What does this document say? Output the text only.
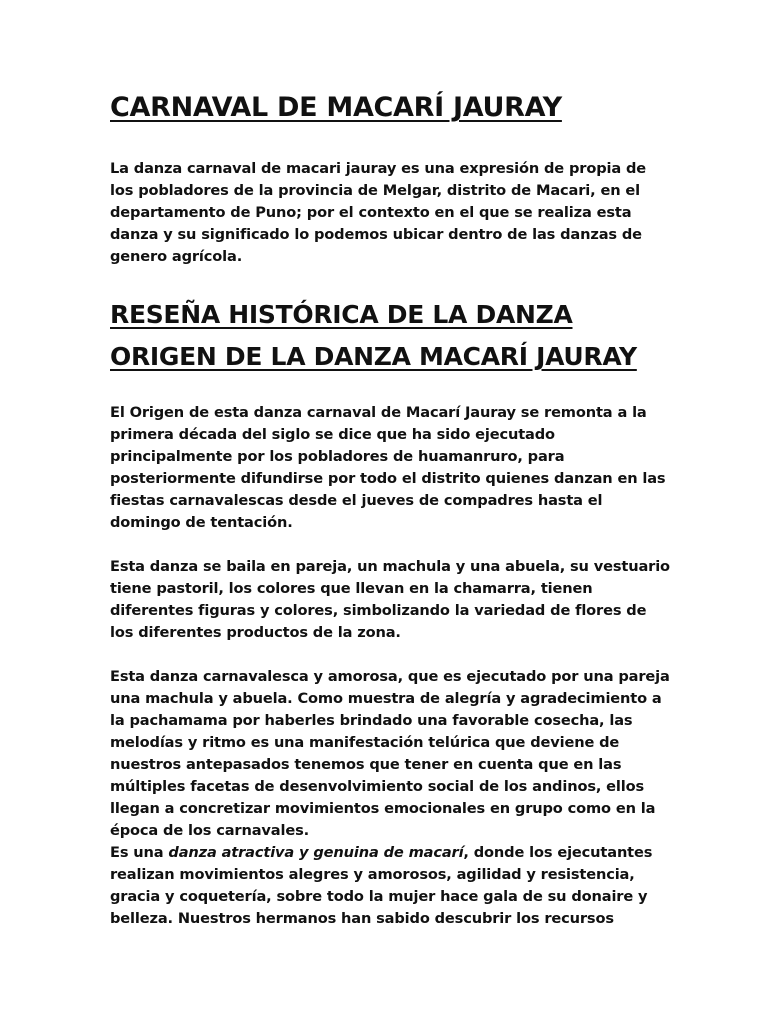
CARNAVAL DE MACARÍ JAURAY

La danza carnaval de macari jauray es una expresión de propia de los pobladores de la provincia de Melgar, distrito de Macari, en el departamento de Puno; por el contexto en el que se realiza esta danza y su significado lo podemos ubicar dentro de las danzas de genero agrícola.

RESEÑA HISTÓRICA DE LA DANZA
ORIGEN DE LA DANZA MACARÍ JAURAY

El Origen de esta danza carnaval de Macarí Jauray se remonta a la primera década del siglo se dice que ha sido ejecutado principalmente por los pobladores de huamanruro, para posteriormente difundirse por todo el distrito quienes danzan en las fiestas carnavalescas desde el jueves de compadres hasta el domingo de tentación.

Esta danza se baila en pareja, un machula y una abuela, su vestuario tiene pastoril, los colores que llevan en la chamarra, tienen diferentes figuras y colores, simbolizando la variedad de flores de los diferentes productos de la zona.

Esta danza carnavalesca y amorosa, que es ejecutado por una pareja una machula y abuela. Como muestra de alegría y agradecimiento a la pachamama por haberles brindado una favorable cosecha, las melodías y ritmo es una manifestación telúrica que deviene de nuestros antepasados tenemos que tener en cuenta que en las múltiples facetas de desenvolvimiento social de los andinos, ellos llegan a concretizar movimientos emocionales en grupo como en la época de los carnavales.

Es una danza atractiva y genuina de macarí, donde los ejecutantes realizan movimientos alegres y amorosos, agilidad y resistencia, gracia y coquetería, sobre todo la mujer hace gala de su donaire y belleza. Nuestros hermanos han sabido descubrir los recursos
